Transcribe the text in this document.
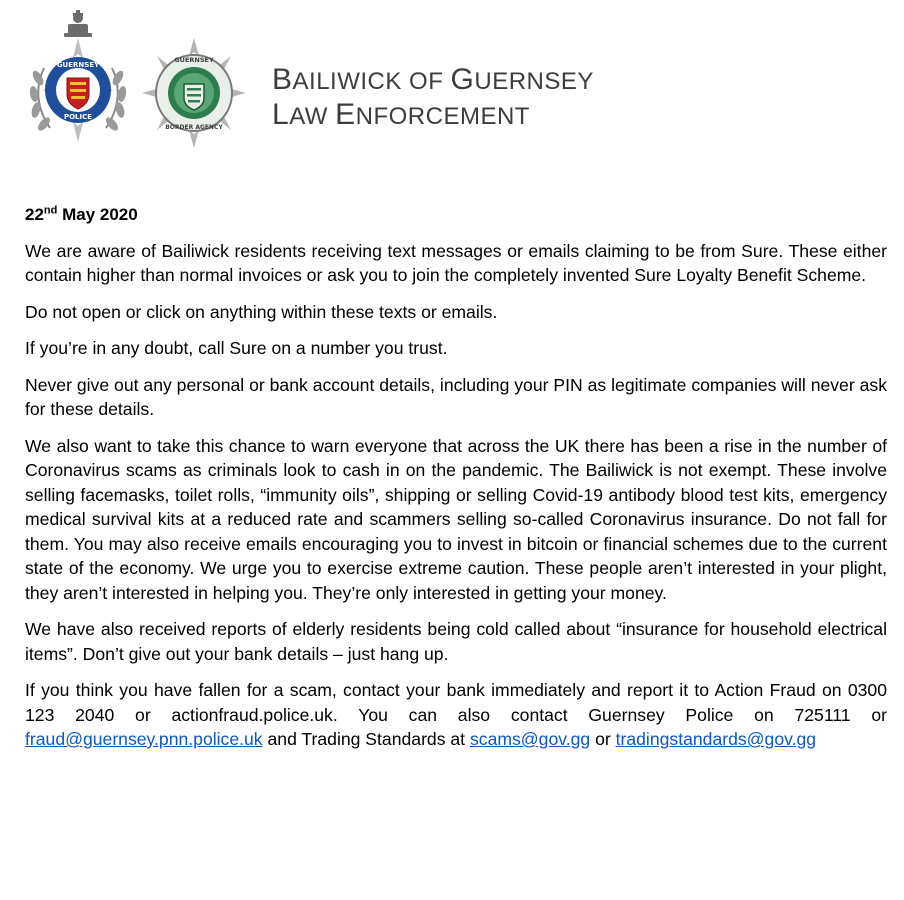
GUERNSEY
POLICE
GUERNSEY
BORDER AGENCY
BAILIWICK OF GUERNSEY
LAW ENFORCEMENT
22nd May 2020

We are aware of Bailiwick residents receiving text messages or emails claiming to be from Sure. These either contain higher than normal invoices or ask you to join the completely invented Sure Loyalty Benefit Scheme.

Do not open or click on anything within these texts or emails.

If you’re in any doubt, call Sure on a number you trust.

Never give out any personal or bank account details, including your PIN as legitimate companies will never ask for these details.

We also want to take this chance to warn everyone that across the UK there has been a rise in the number of Coronavirus scams as criminals look to cash in on the pandemic. The Bailiwick is not exempt. These involve selling facemasks, toilet rolls, “immunity oils”, shipping or selling Covid-19 antibody blood test kits, emergency medical survival kits at a reduced rate and scammers selling so-called Coronavirus insurance. Do not fall for them. You may also receive emails encouraging you to invest in bitcoin or financial schemes due to the current state of the economy. We urge you to exercise extreme caution. These people aren’t interested in your plight, they aren’t interested in helping you. They’re only interested in getting your money.

We have also received reports of elderly residents being cold called about “insurance for household electrical items”. Don’t give out your bank details – just hang up.

If you think you have fallen for a scam, contact your bank immediately and report it to Action Fraud on 0300 123 2040 or actionfraud.police.uk. You can also contact Guernsey Police on 725111 or fraud@guernsey.pnn.police.uk and Trading Standards at scams@gov.gg or tradingstandards@gov.gg
